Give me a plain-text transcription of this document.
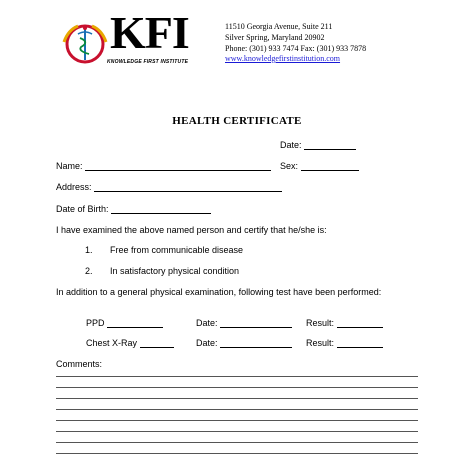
KFI
KNOWLEDGE FIRST INSTITUTE
11510 Georgia Avenue, Suite 211
Silver Spring, Maryland 20902
Phone: (301) 933 7474 Fax: (301) 933 7878
www.knowledgefirstinstitution.com
HEALTH CERTIFICATE
Date:
Name:	Sex:
Address:
Date of Birth:
I have examined the above named person and certify that he/she is:
1. Free from communicable disease
2. In satisfactory physical condition
In addition to a general physical examination, following test have been performed:
PPD	Date:	Result:
Chest X-Ray	Date:	Result:
Comments:
